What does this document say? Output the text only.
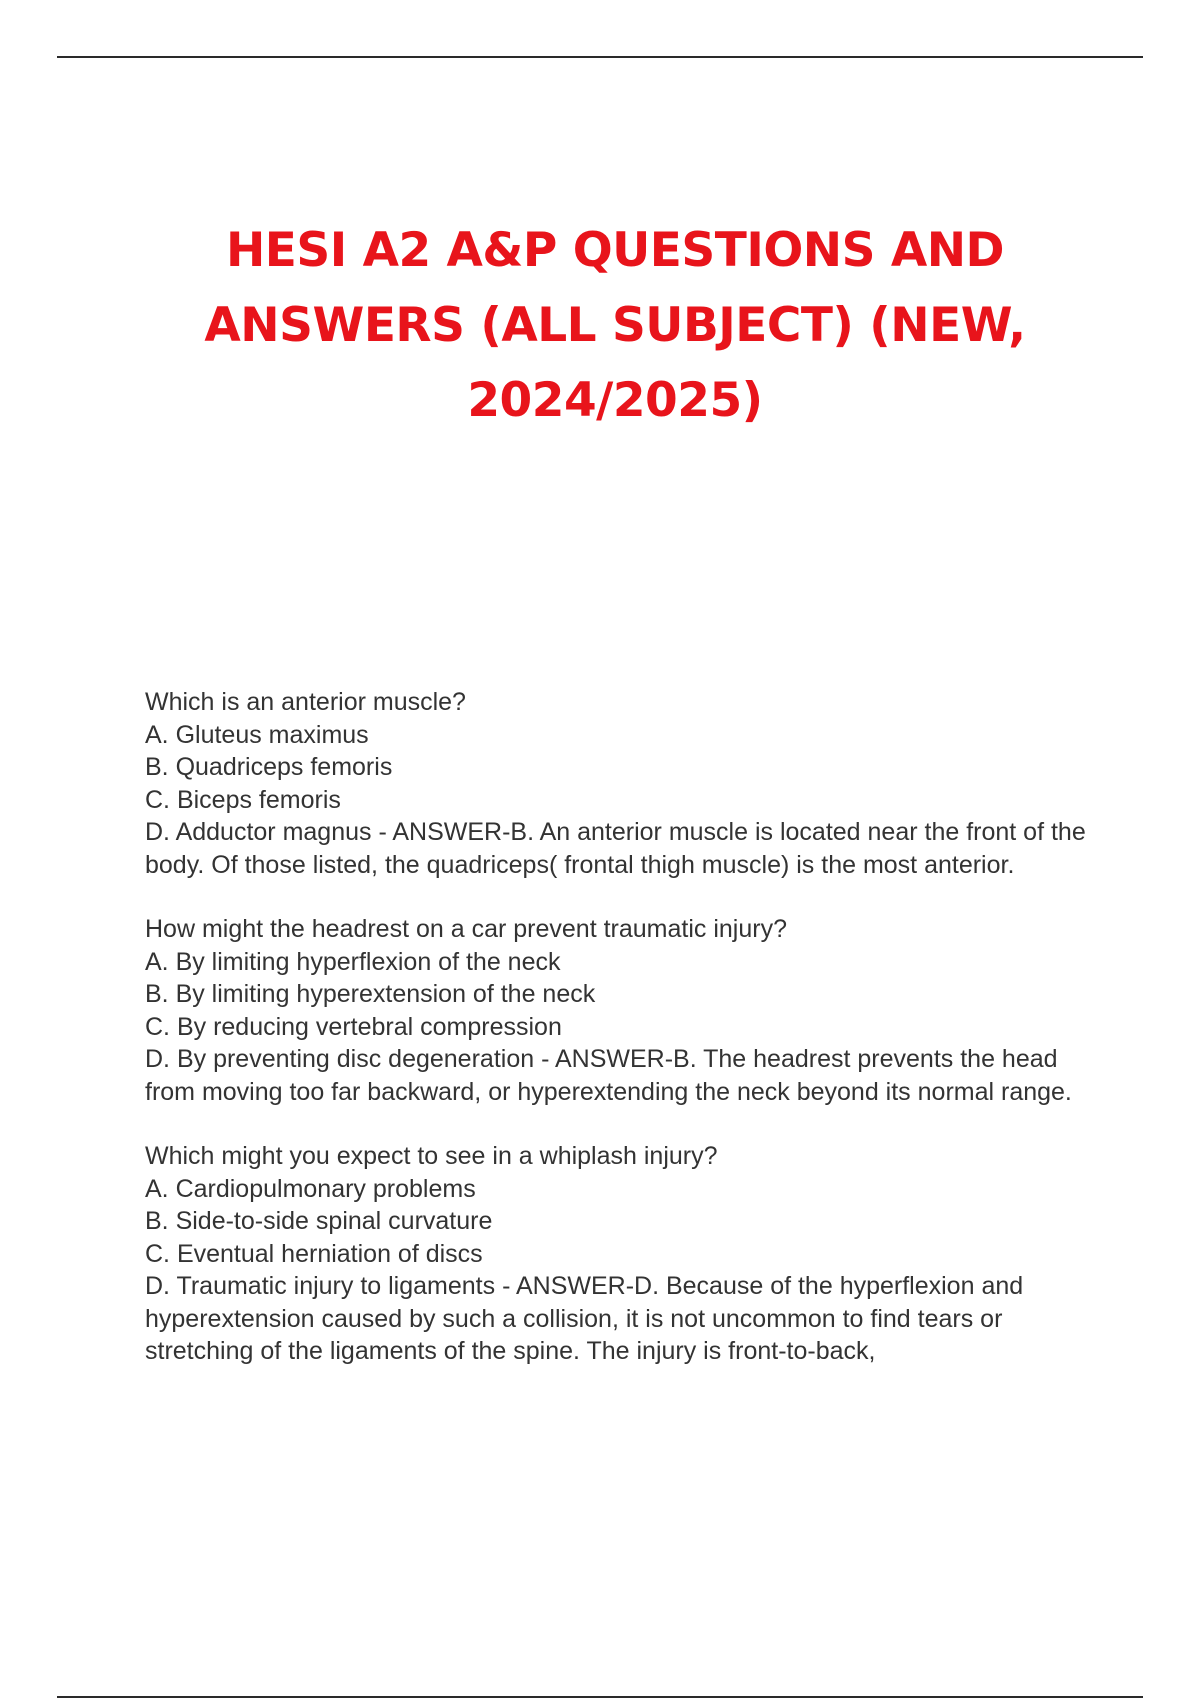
HESI A2 A&P QUESTIONS AND ANSWERS (ALL SUBJECT) (NEW, 2024/2025)

Which is an anterior muscle?

A. Gluteus maximus

B. Quadriceps femoris

C. Biceps femoris

D. Adductor magnus - ANSWER-B. An anterior muscle is located near the front of the body. Of those listed, the quadriceps( frontal thigh muscle) is the most anterior.

How might the headrest on a car prevent traumatic injury?

A. By limiting hyperflexion of the neck

B. By limiting hyperextension of the neck

C. By reducing vertebral compression

D. By preventing disc degeneration - ANSWER-B. The headrest prevents the head from moving too far backward, or hyperextending the neck beyond its normal range.

Which might you expect to see in a whiplash injury?

A. Cardiopulmonary problems

B. Side-to-side spinal curvature

C. Eventual herniation of discs

D. Traumatic injury to ligaments - ANSWER-D. Because of the hyperflexion and hyperextension caused by such a collision, it is not uncommon to find tears or stretching of the ligaments of the spine. The injury is front-to-back,
